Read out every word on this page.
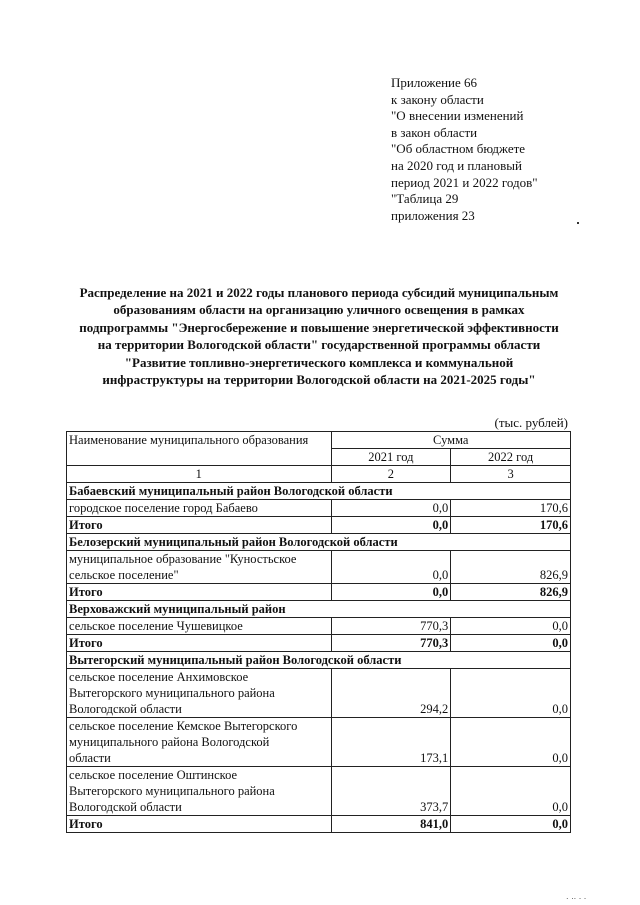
Приложение 66
к закону области
"О внесении изменений
в закон области
"Об областном бюджете
на 2020 год и плановый
период 2021 и 2022 годов"
"Таблица 29
приложения 23
Распределение на 2021 и 2022 годы планового периода субсидий муниципальным
образованиям области на организацию уличного освещения в рамках
подпрограммы "Энергосбережение и повышение энергетической эффективности
на территории Вологодской области" государственной программы области
"Развитие топливно-энергетического комплекса и коммунальной
инфраструктуры на территории Вологодской области на 2021-2025 годы"
(тыс. рублей)
Наименование муниципального образования	Сумма	
	2021 год	2022 год
1	2	3
Бабаевский муниципальный район Вологодской области		

городское поселение город Бабаево	0,0	170,6
Итого	0,0	170,6
Белозерский муниципальный район Вологодской области		

муниципальное образование "Куностьское
сельское поселение"	0,0	826,9
Итого	0,0	826,9
Верховажский муниципальный район		

сельское поселение Чушевицкое	770,3	0,0
Итого	770,3	0,0
Вытегорский муниципальный район Вологодской области		

сельское поселение Анхимовское
Вытегорского муниципального района
Вологодской области	294,2	0,0

сельское поселение Кемское Вытегорского
муниципального района Вологодской
области	173,1	0,0

сельское поселение Оштинское
Вытегорского муниципального района
Вологодской области	373,7	0,0
Итого	841,0	0,0
. .. . .
